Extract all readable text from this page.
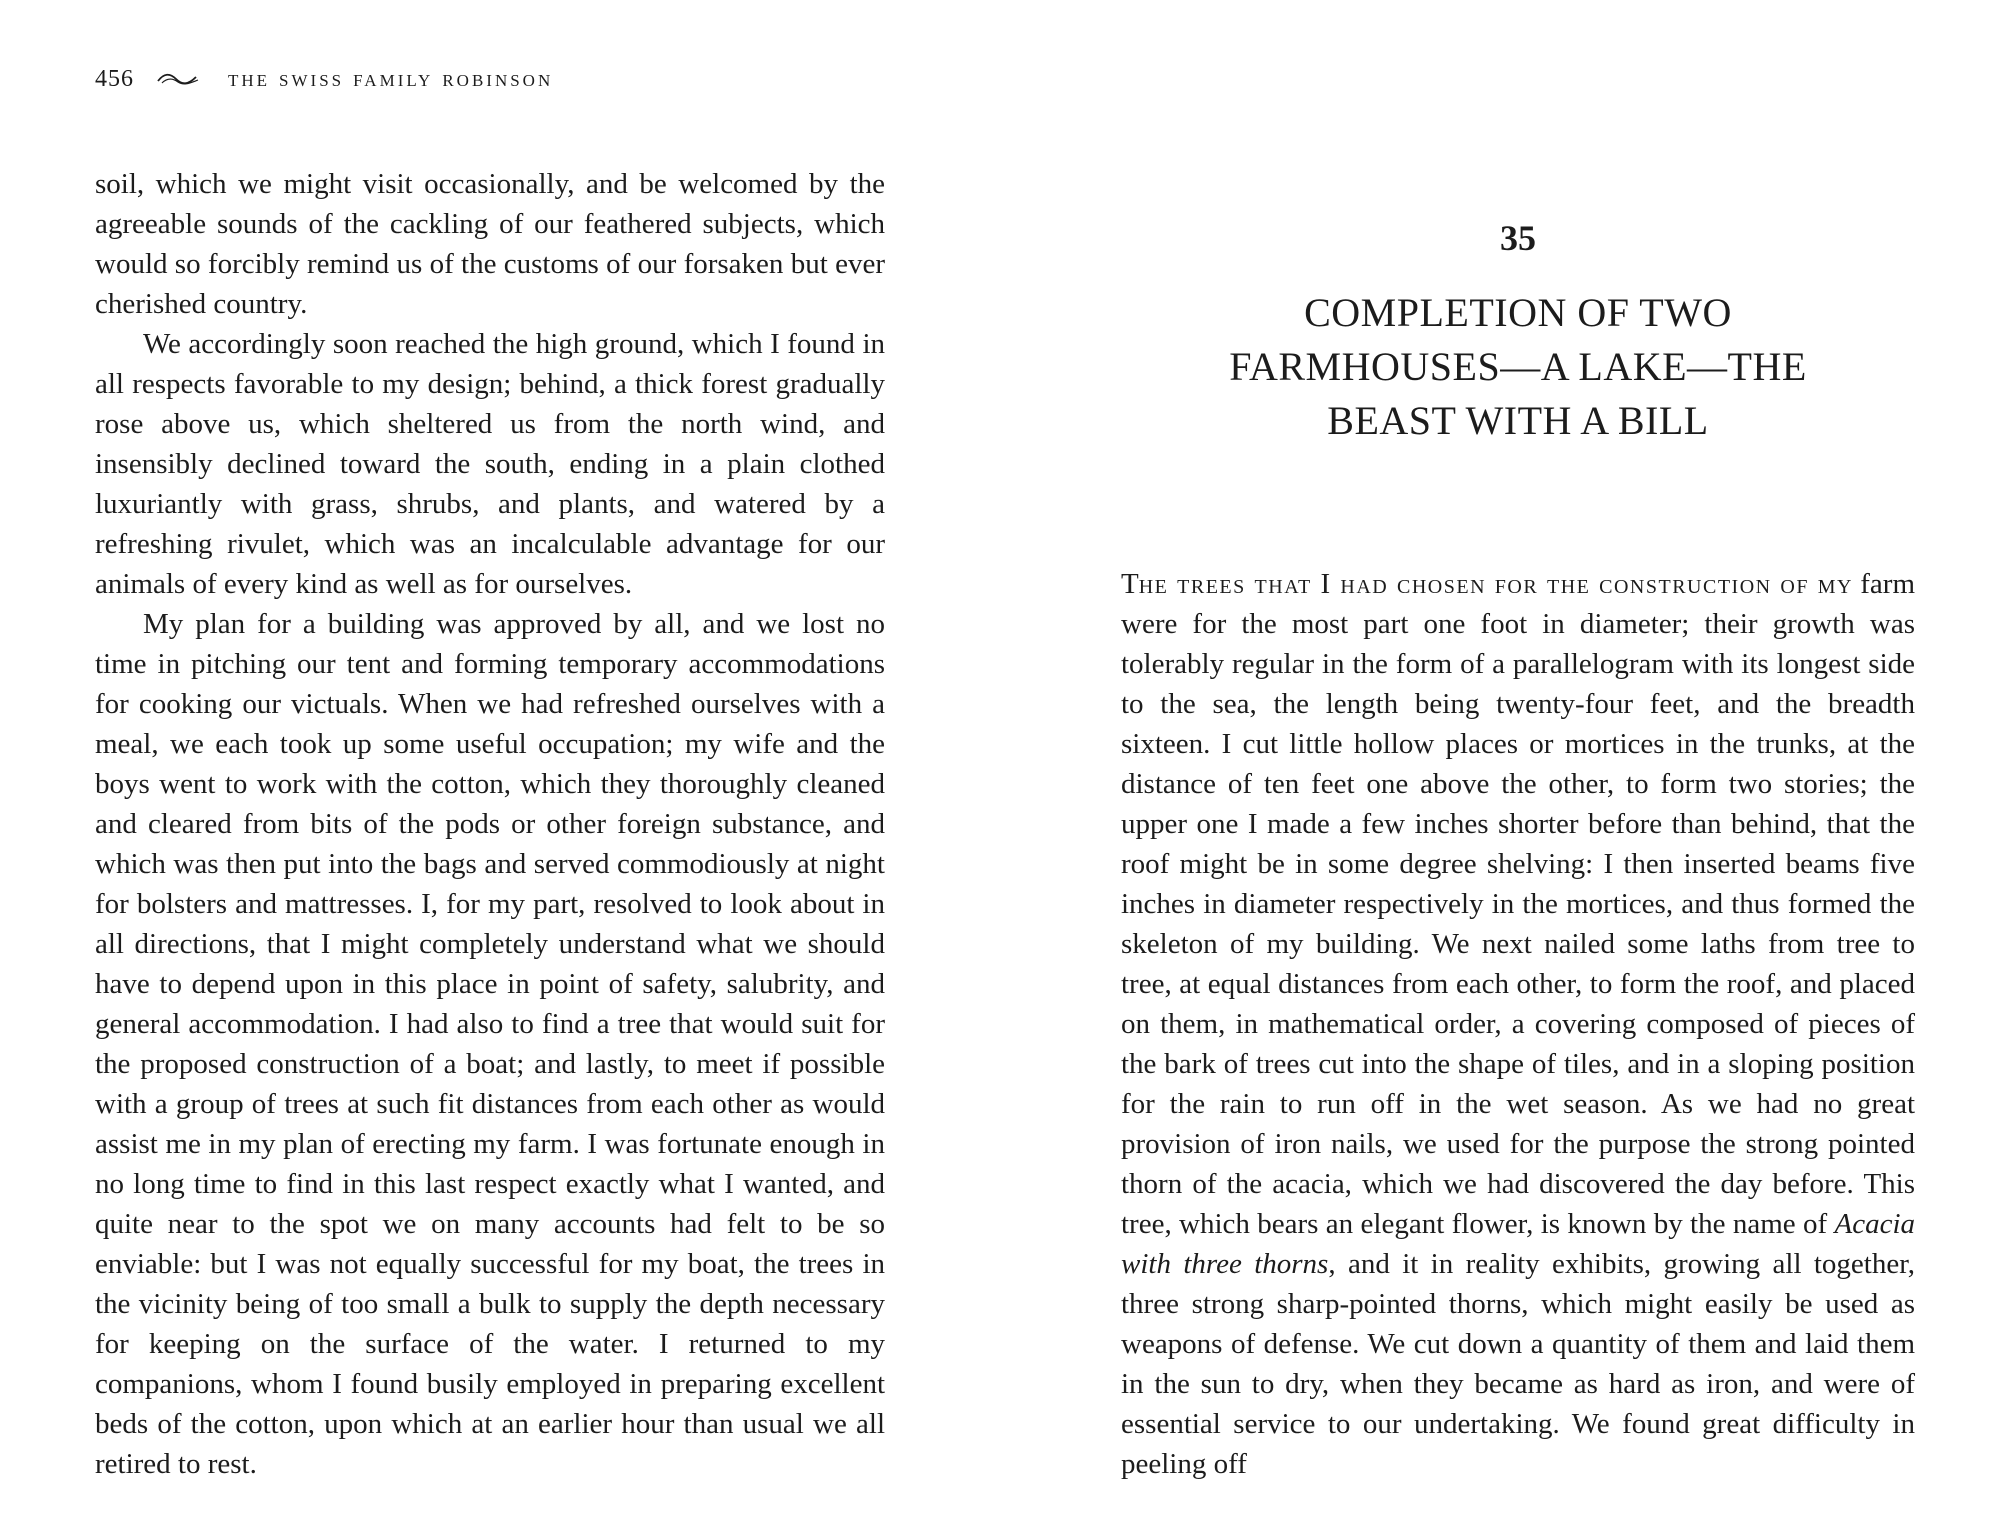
456	the swiss family robinson

soil, which we might visit occasionally, and be welcomed by the agreeable sounds of the cackling of our feathered subjects, which would so forcibly remind us of the customs of our forsaken but ever cherished country.

We accordingly soon reached the high ground, which I found in all respects favorable to my design; behind, a thick forest gradually rose above us, which sheltered us from the north wind, and insensibly declined toward the south, ending in a plain clothed luxuriantly with grass, shrubs, and plants, and watered by a refreshing rivulet, which was an incalculable advantage for our animals of every kind as well as for ourselves.

My plan for a building was approved by all, and we lost no time in pitching our tent and forming temporary accommodations for cooking our victuals. When we had refreshed ourselves with a meal, we each took up some useful occupation; my wife and the boys went to work with the cotton, which they thoroughly cleaned and cleared from bits of the pods or other foreign substance, and which was then put into the bags and served commodiously at night for bolsters and mattresses. I, for my part, resolved to look about in all directions, that I might completely understand what we should have to depend upon in this place in point of safety, salubrity, and general accommodation. I had also to find a tree that would suit for the proposed construction of a boat; and lastly, to meet if possible with a group of trees at such fit distances from each other as would assist me in my plan of erecting my farm. I was fortunate enough in no long time to find in this last respect exactly what I wanted, and quite near to the spot we on many accounts had felt to be so enviable: but I was not equally successful for my boat, the trees in the vicinity being of too small a bulk to supply the depth necessary for keeping on the surface of the water. I returned to my companions, whom I found busily employed in preparing excellent beds of the cotton, upon which at an earlier hour than usual we all retired to rest.

35
COMPLETION OF TWO
FARMHOUSES—A LAKE—THE
BEAST WITH A BILL

The trees that I had chosen for the construction of my farm were for the most part one foot in diameter; their growth was tolerably regular in the form of a parallelogram with its longest side to the sea, the length being twenty-four feet, and the breadth sixteen. I cut little hollow places or mortices in the trunks, at the distance of ten feet one above the other, to form two stories; the upper one I made a few inches shorter before than behind, that the roof might be in some degree shelving: I then inserted beams five inches in diameter respectively in the mortices, and thus formed the skeleton of my building. We next nailed some laths from tree to tree, at equal distances from each other, to form the roof, and placed on them, in mathematical order, a covering composed of pieces of the bark of trees cut into the shape of tiles, and in a sloping position for the rain to run off in the wet season. As we had no great provision of iron nails, we used for the purpose the strong pointed thorn of the acacia, which we had discovered the day before. This tree, which bears an elegant flower, is known by the name of Acacia with three thorns, and it in reality exhibits, growing all together, three strong sharp-pointed thorns, which might easily be used as weapons of defense. We cut down a quantity of them and laid them in the sun to dry, when they became as hard as iron, and were of essential service to our undertaking. We found great difficulty in peeling off
